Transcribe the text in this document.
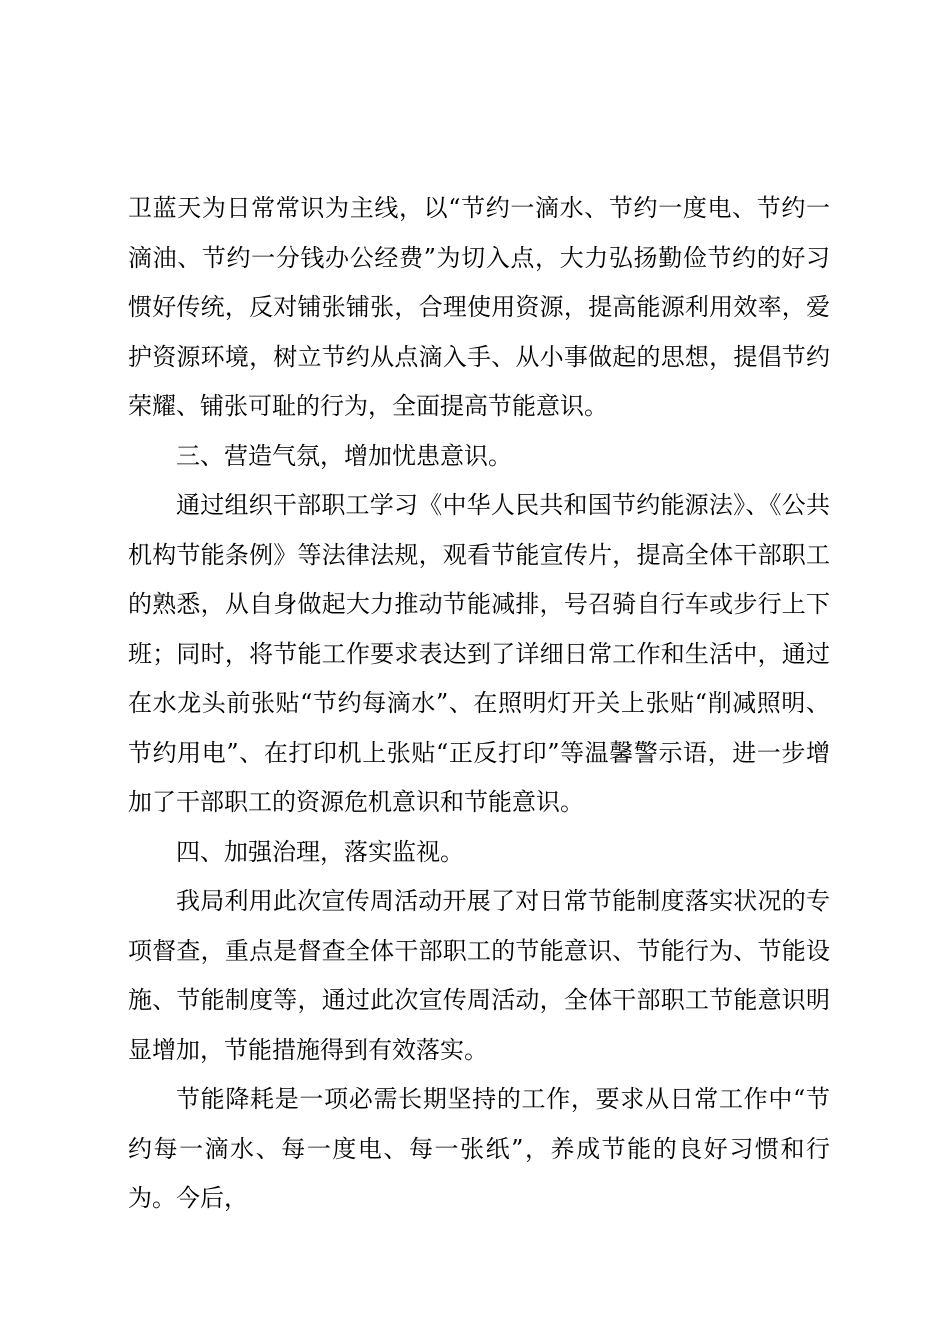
卫蓝天为日常常识为主线，以“节约一滴水、节约一度电、节约一滴油、节约一分钱办公经费”为切入点，大力弘扬勤俭节约的好习惯好传统，反对铺张铺张，合理使用资源，提高能源利用效率，爱护资源环境，树立节约从点滴入手、从小事做起的思想，提倡节约荣耀、铺张可耻的行为，全面提高节能意识。

三、营造气氛，增加忧患意识。

通过组织干部职工学习《中华人民共和国节约能源法》、《公共机构节能条例》等法律法规，观看节能宣传片，提高全体干部职工的熟悉，从自身做起大力推动节能减排，号召骑自行车或步行上下班；同时，将节能工作要求表达到了详细日常工作和生活中，通过在水龙头前张贴“节约每滴水”、在照明灯开关上张贴“削减照明、节约用电”、在打印机上张贴“正反打印”等温馨警示语，进一步增加了干部职工的资源危机意识和节能意识。

四、加强治理，落实监视。

我局利用此次宣传周活动开展了对日常节能制度落实状况的专项督查，重点是督查全体干部职工的节能意识、节能行为、节能设施、节能制度等，通过此次宣传周活动，全体干部职工节能意识明显增加，节能措施得到有效落实。

节能降耗是一项必需长期坚持的工作，要求从日常工作中“节约每一滴水、每一度电、每一张纸”，养成节能的良好习惯和行为。今后，
